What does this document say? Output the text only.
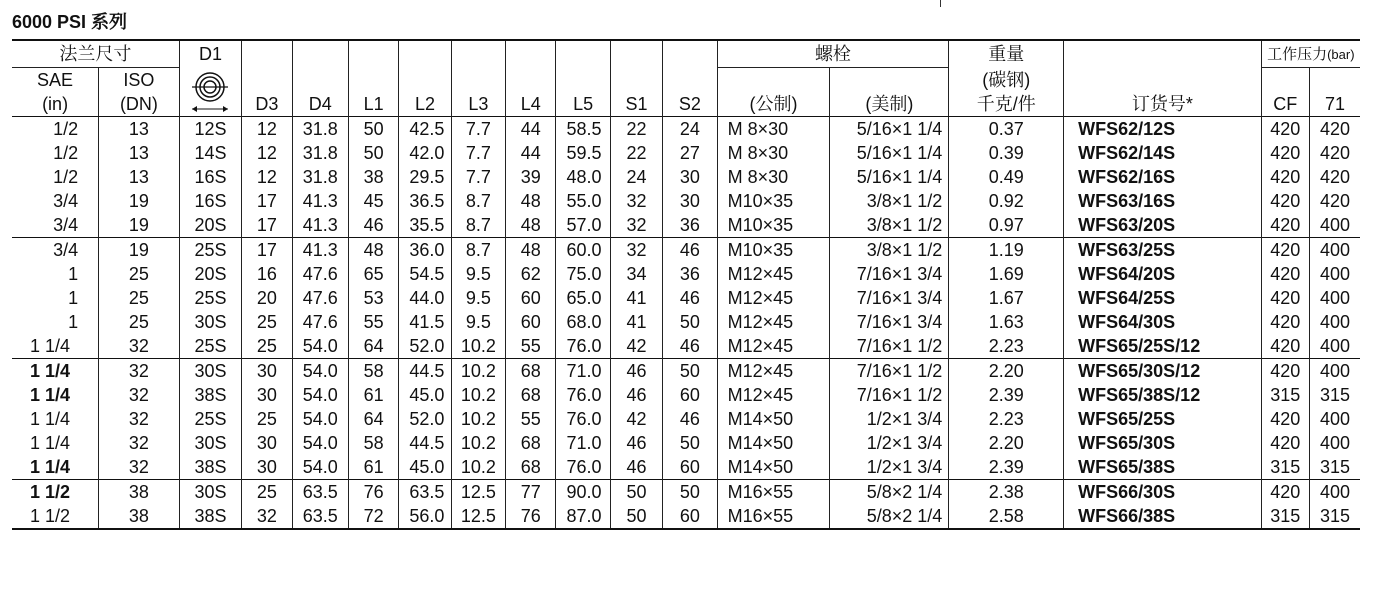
6000 PSI 系列
法兰尺寸		D1	D3	D4	L1	L2	L3	L4	L5	S1	S2	螺栓		重量	订货号*	工作压力(bar)	
SAE	ISO											(公制)	(美制)	(碳钢)		CF	71
(in)	(DN)													千克/件			
1/2	13	12S	12	31.8	50	42.5	7.7	44	58.5	22	24	M 8×30	5/16×1 1/4	0.37	WFS62/12S	420	420
1/2	13	14S	12	31.8	50	42.0	7.7	44	59.5	22	27	M 8×30	5/16×1 1/4	0.39	WFS62/14S	420	420
1/2	13	16S	12	31.8	38	29.5	7.7	39	48.0	24	30	M 8×30	5/16×1 1/4	0.49	WFS62/16S	420	420
3/4	19	16S	17	41.3	45	36.5	8.7	48	55.0	32	30	M10×35	3/8×1 1/2	0.92	WFS63/16S	420	420
3/4	19	20S	17	41.3	46	35.5	8.7	48	57.0	32	36	M10×35	3/8×1 1/2	0.97	WFS63/20S	420	400
3/4	19	25S	17	41.3	48	36.0	8.7	48	60.0	32	46	M10×35	3/8×1 1/2	1.19	WFS63/25S	420	400
1	25	20S	16	47.6	65	54.5	9.5	62	75.0	34	36	M12×45	7/16×1 3/4	1.69	WFS64/20S	420	400
1	25	25S	20	47.6	53	44.0	9.5	60	65.0	41	46	M12×45	7/16×1 3/4	1.67	WFS64/25S	420	400
1	25	30S	25	47.6	55	41.5	9.5	60	68.0	41	50	M12×45	7/16×1 3/4	1.63	WFS64/30S	420	400
1 1/4	32	25S	25	54.0	64	52.0	10.2	55	76.0	42	46	M12×45	7/16×1 1/2	2.23	WFS65/25S/12	420	400
1 1/4	32	30S	30	54.0	58	44.5	10.2	68	71.0	46	50	M12×45	7/16×1 1/2	2.20	WFS65/30S/12	420	400
1 1/4	32	38S	30	54.0	61	45.0	10.2	68	76.0	46	60	M12×45	7/16×1 1/2	2.39	WFS65/38S/12	315	315
1 1/4	32	25S	25	54.0	64	52.0	10.2	55	76.0	42	46	M14×50	1/2×1 3/4	2.23	WFS65/25S	420	400
1 1/4	32	30S	30	54.0	58	44.5	10.2	68	71.0	46	50	M14×50	1/2×1 3/4	2.20	WFS65/30S	420	400
1 1/4	32	38S	30	54.0	61	45.0	10.2	68	76.0	46	60	M14×50	1/2×1 3/4	2.39	WFS65/38S	315	315
1 1/2	38	30S	25	63.5	76	63.5	12.5	77	90.0	50	50	M16×55	5/8×2 1/4	2.38	WFS66/30S	420	400
1 1/2	38	38S	32	63.5	72	56.0	12.5	76	87.0	50	60	M16×55	5/8×2 1/4	2.58	WFS66/38S	315	315
